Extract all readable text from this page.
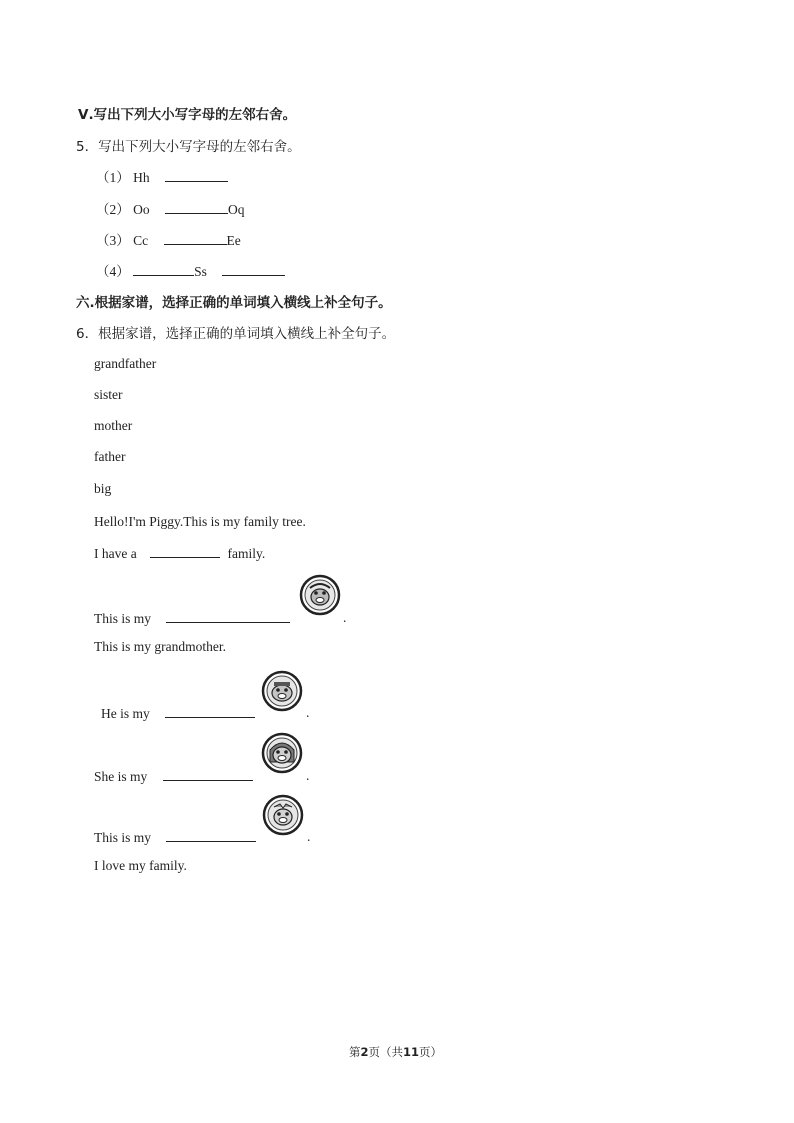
Ⅴ.写出下列大小写字母的左邻右舍。
5．写出下列大小写字母的左邻右舍。
（1） Hh
（2） Oo	Oq
（3） Cc	Ee
（4）	Ss
六.根据家谱，选择正确的单词填入横线上补全句子。
6．根据家谱，选择正确的单词填入横线上补全句子。
grandfather
sister
mother
father
big
Hello!I'm Piggy.This is my family tree.
I have a	family.
This is my	.
This is my grandmother.
He is my	.
She is my	.
This is my	.
I love my family.
第2页（共11页）
